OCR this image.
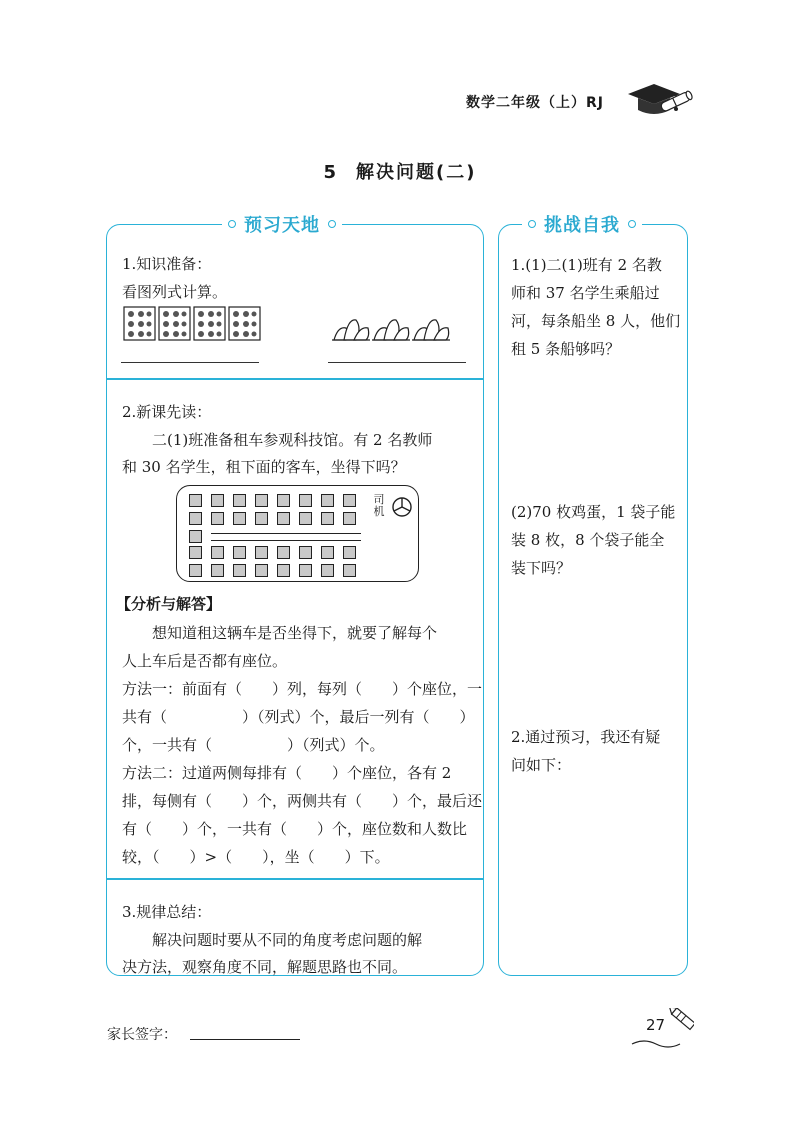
数学二年级（上）RJ
5 解决问题(二)
预习天地	挑战自我
1.知识准备：
看图列式计算。
2.新课先读：
二(1)班准备租车参观科技馆。有 2 名教师
和 30 名学生，租下面的客车，坐得下吗？
司机
【分析与解答】
想知道租这辆车是否坐得下，就要了解每个
人上车后是否都有座位。
方法一：前面有（　　）列，每列（　　）个座位，一
共有（　　　　　）（列式）个，最后一列有（　　）
个，一共有（　　　　　）（列式）个。
方法二：过道两侧每排有（　　）个座位，各有 2
排，每侧有（　　）个，两侧共有（　　）个，最后还
有（　　）个，一共有（　　）个，座位数和人数比
较，（　　）>（　　），坐（　　）下。
3.规律总结：
解决问题时要从不同的角度考虑问题的解
决方法，观察角度不同，解题思路也不同。
1.(1)二(1)班有 2 名教
师和 37 名学生乘船过
河，每条船坐 8 人，他们
租 5 条船够吗？
(2)70 枚鸡蛋，1 袋子能
装 8 枚，8 个袋子能全
装下吗？
2.通过预习，我还有疑
问如下：
家长签字：
27
